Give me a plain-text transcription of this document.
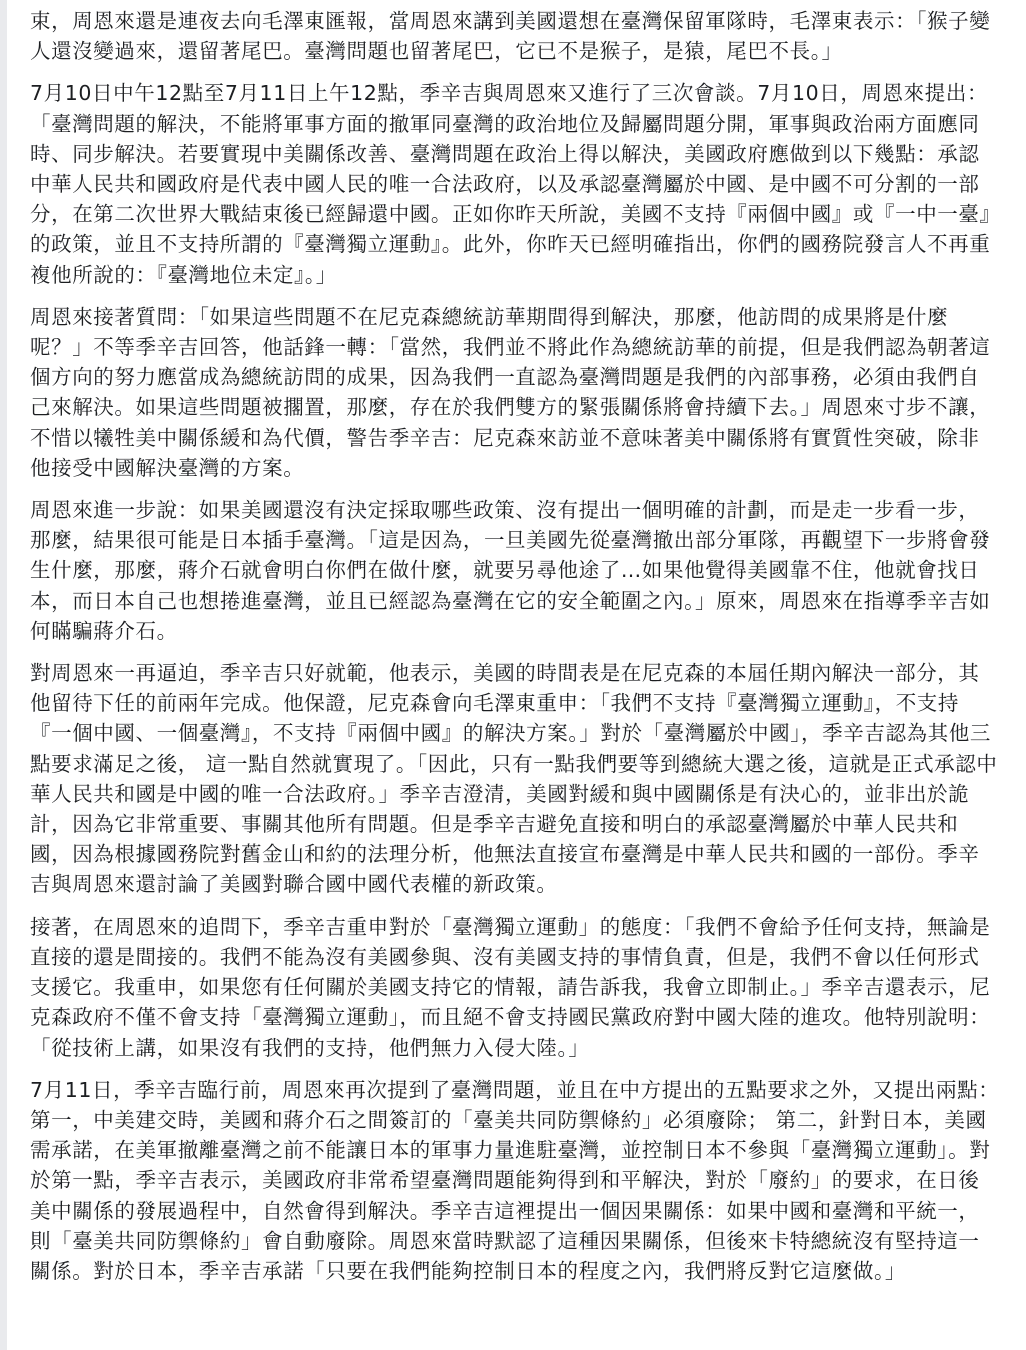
束，周恩來還是連夜去向毛澤東匯報，當周恩來講到美國還想在臺灣保留軍隊時，毛澤東表示：「猴子變人還沒變過來，還留著尾巴。臺灣問題也留著尾巴，它已不是猴子，是猿，尾巴不長。」

7月10日中午12點至7月11日上午12點，季辛吉與周恩來又進行了三次會談。7月10日，周恩來提出：「臺灣問題的解決，不能將軍事方面的撤軍同臺灣的政治地位及歸屬問題分開，軍事與政治兩方面應同時、同步解決。若要實現中美關係改善、臺灣問題在政治上得以解決，美國政府應做到以下幾點：承認中華人民共和國政府是代表中國人民的唯一合法政府，以及承認臺灣屬於中國、是中國不可分割的一部分，在第二次世界大戰結束後已經歸還中國。正如你昨天所說，美國不支持『兩個中國』或『一中一臺』的政策，並且不支持所謂的『臺灣獨立運動』。此外，你昨天已經明確指出，你們的國務院發言人不再重複他所說的：『臺灣地位未定』。」

周恩來接著質問：「如果這些問題不在尼克森總統訪華期間得到解決，那麼，他訪問的成果將是什麼呢？」不等季辛吉回答，他話鋒一轉：「當然，我們並不將此作為總統訪華的前提，但是我們認為朝著這個方向的努力應當成為總統訪問的成果，因為我們一直認為臺灣問題是我們的內部事務，必須由我們自己來解決。如果這些問題被擱置，那麼，存在於我們雙方的緊張關係將會持續下去。」周恩來寸步不讓，不惜以犧牲美中關係緩和為代價，警告季辛吉：尼克森來訪並不意味著美中關係將有實質性突破，除非他接受中國解決臺灣的方案。

周恩來進一步說：如果美國還沒有決定採取哪些政策、沒有提出一個明確的計劃，而是走一步看一步，那麼，結果很可能是日本插手臺灣。「這是因為，一旦美國先從臺灣撤出部分軍隊，再觀望下一步將會發生什麼，那麼，蔣介石就會明白你們在做什麼，就要另尋他途了…如果他覺得美國靠不住，他就會找日本，而日本自己也想捲進臺灣，並且已經認為臺灣在它的安全範圍之內。」原來，周恩來在指導季辛吉如何瞞騙蔣介石。

對周恩來一再逼迫，季辛吉只好就範，他表示，美國的時間表是在尼克森的本屆任期內解決一部分，其他留待下任的前兩年完成。他保證，尼克森會向毛澤東重申：「我們不支持『臺灣獨立運動』，不支持『一個中國、一個臺灣』，不支持『兩個中國』的解決方案。」對於「臺灣屬於中國」，季辛吉認為其他三點要求滿足之後， 這一點自然就實現了。「因此，只有一點我們要等到總統大選之後，這就是正式承認中華人民共和國是中國的唯一合法政府。」季辛吉澄清，美國對緩和與中國關係是有決心的，並非出於詭計，因為它非常重要、事關其他所有問題。但是季辛吉避免直接和明白的承認臺灣屬於中華人民共和國，因為根據國務院對舊金山和約的法理分析，他無法直接宣布臺灣是中華人民共和國的一部份。季辛吉與周恩來還討論了美國對聯合國中國代表權的新政策。

接著，在周恩來的追問下，季辛吉重申對於「臺灣獨立運動」的態度：「我們不會給予任何支持，無論是直接的還是間接的。我們不能為沒有美國參與、沒有美國支持的事情負責，但是，我們不會以任何形式支援它。我重申，如果您有任何關於美國支持它的情報，請告訴我，我會立即制止。」季辛吉還表示，尼克森政府不僅不會支持「臺灣獨立運動」，而且絕不會支持國民黨政府對中國大陸的進攻。他特別說明：「從技術上講，如果沒有我們的支持，他們無力入侵大陸。」

7月11日，季辛吉臨行前，周恩來再次提到了臺灣問題，並且在中方提出的五點要求之外，又提出兩點：第一，中美建交時，美國和蔣介石之間簽訂的「臺美共同防禦條約」必須廢除； 第二，針對日本，美國需承諾，在美軍撤離臺灣之前不能讓日本的軍事力量進駐臺灣，並控制日本不參與「臺灣獨立運動」。對於第一點，季辛吉表示，美國政府非常希望臺灣問題能夠得到和平解決，對於「廢約」的要求，在日後美中關係的發展過程中，自然會得到解決。季辛吉這裡提出一個因果關係：如果中國和臺灣和平統一，則「臺美共同防禦條約」會自動廢除。周恩來當時默認了這種因果關係，但後來卡特總統沒有堅持這一關係。對於日本，季辛吉承諾「只要在我們能夠控制日本的程度之內，我們將反對它這麼做。」
